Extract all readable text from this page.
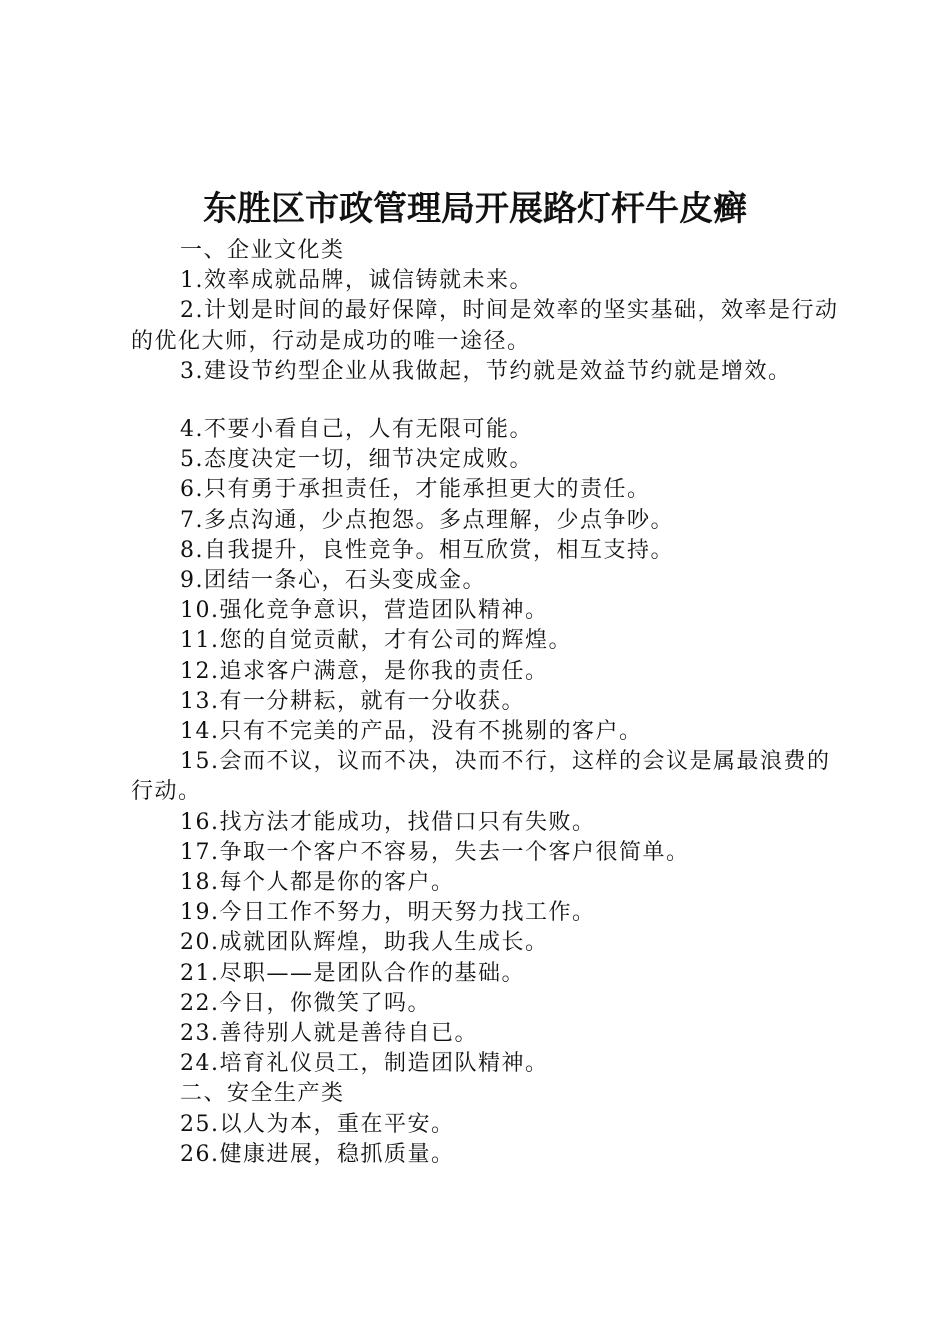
东胜区市政管理局开展路灯杆牛皮癣

一、企业文化类

1.效率成就品牌，诚信铸就未来。

2.计划是时间的最好保障，时间是效率的坚实基础，效率是行动的优化大师，行动是成功的唯一途径。

3.建设节约型企业从我做起，节约就是效益节约就是增效。

4.不要小看自己，人有无限可能。

5.态度决定一切，细节决定成败。

6.只有勇于承担责任，才能承担更大的责任。

7.多点沟通，少点抱怨。多点理解，少点争吵。

8.自我提升，良性竞争。相互欣赏，相互支持。

9.团结一条心，石头变成金。

10.强化竞争意识，营造团队精神。

11.您的自觉贡献，才有公司的辉煌。

12.追求客户满意，是你我的责任。

13.有一分耕耘，就有一分收获。

14.只有不完美的产品，没有不挑剔的客户。

15.会而不议，议而不决，决而不行，这样的会议是属最浪费的行动。

16.找方法才能成功，找借口只有失败。

17.争取一个客户不容易，失去一个客户很简单。

18.每个人都是你的客户。

19.今日工作不努力，明天努力找工作。

20.成就团队辉煌，助我人生成长。

21.尽职——是团队合作的基础。

22.今日，你微笑了吗。

23.善待别人就是善待自已。

24.培育礼仪员工，制造团队精神。

二、安全生产类

25.以人为本，重在平安。

26.健康进展，稳抓质量。
